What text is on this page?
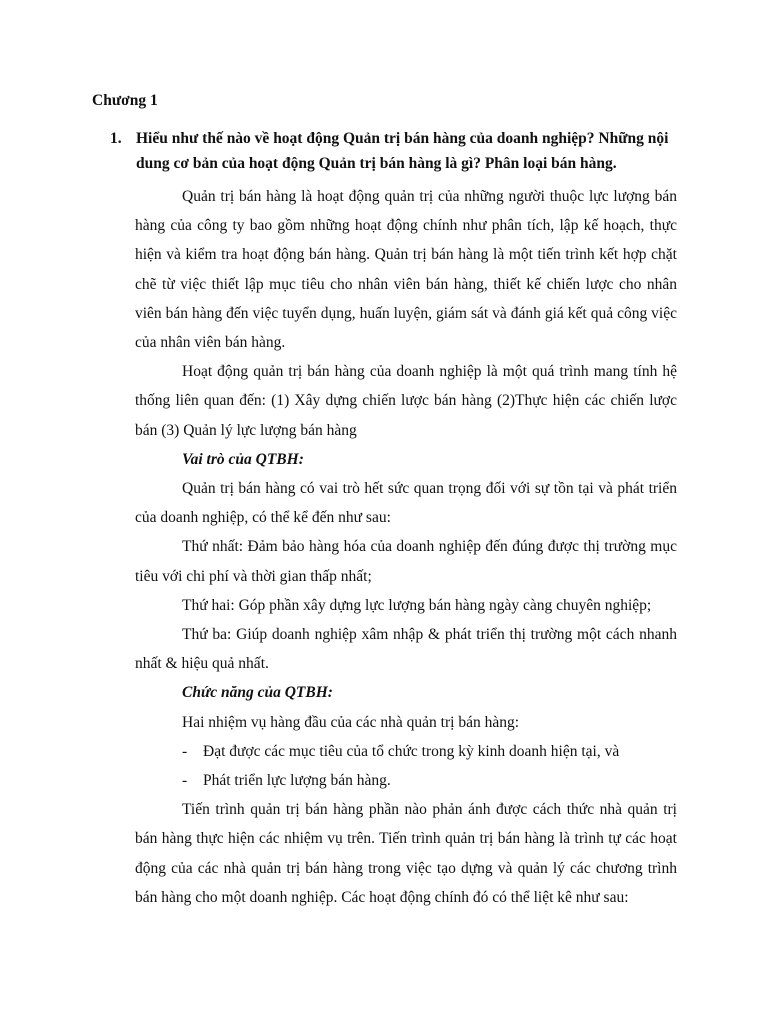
Chương 1
1. Hiểu như thế nào về hoạt động Quản trị bán hàng của doanh nghiệp? Những nội dung cơ bản của hoạt động Quản trị bán hàng là gì? Phân loại bán hàng.

Quản trị bán hàng là hoạt động quản trị của những người thuộc lực lượng bán hàng của công ty bao gồm những hoạt động chính như phân tích, lập kế hoạch, thực hiện và kiểm tra hoạt động bán hàng. Quản trị bán hàng là một tiến trình kết hợp chặt chẽ từ việc thiết lập mục tiêu cho nhân viên bán hàng, thiết kế chiến lược cho nhân viên bán hàng đến việc tuyển dụng, huấn luyện, giám sát và đánh giá kết quả công việc của nhân viên bán hàng.

Hoạt động quản trị bán hàng của doanh nghiệp là một quá trình mang tính hệ thống liên quan đến: (1) Xây dựng chiến lược bán hàng (2)Thực hiện các chiến lược bán (3) Quản lý lực lượng bán hàng

Vai trò của QTBH:

Quản trị bán hàng có vai trò hết sức quan trọng đối với sự tồn tại và phát triển của doanh nghiệp, có thể kể đến như sau:

Thứ nhất: Đảm bảo hàng hóa của doanh nghiệp đến đúng được thị trường mục tiêu với chi phí và thời gian thấp nhất;

Thứ hai: Góp phần xây dựng lực lượng bán hàng ngày càng chuyên nghiệp;

Thứ ba: Giúp doanh nghiệp xâm nhập & phát triển thị trường một cách nhanh nhất & hiệu quả nhất.

Chức năng của QTBH:

Hai nhiệm vụ hàng đầu của các nhà quản trị bán hàng:

- Đạt được các mục tiêu của tổ chức trong kỳ kinh doanh hiện tại, và

- Phát triển lực lượng bán hàng.

Tiến trình quản trị bán hàng phần nào phản ánh được cách thức nhà quản trị bán hàng thực hiện các nhiệm vụ trên. Tiến trình quản trị bán hàng là trình tự các hoạt động của các nhà quản trị bán hàng trong việc tạo dựng và quản lý các chương trình bán hàng cho một doanh nghiệp. Các hoạt động chính đó có thể liệt kê như sau:
